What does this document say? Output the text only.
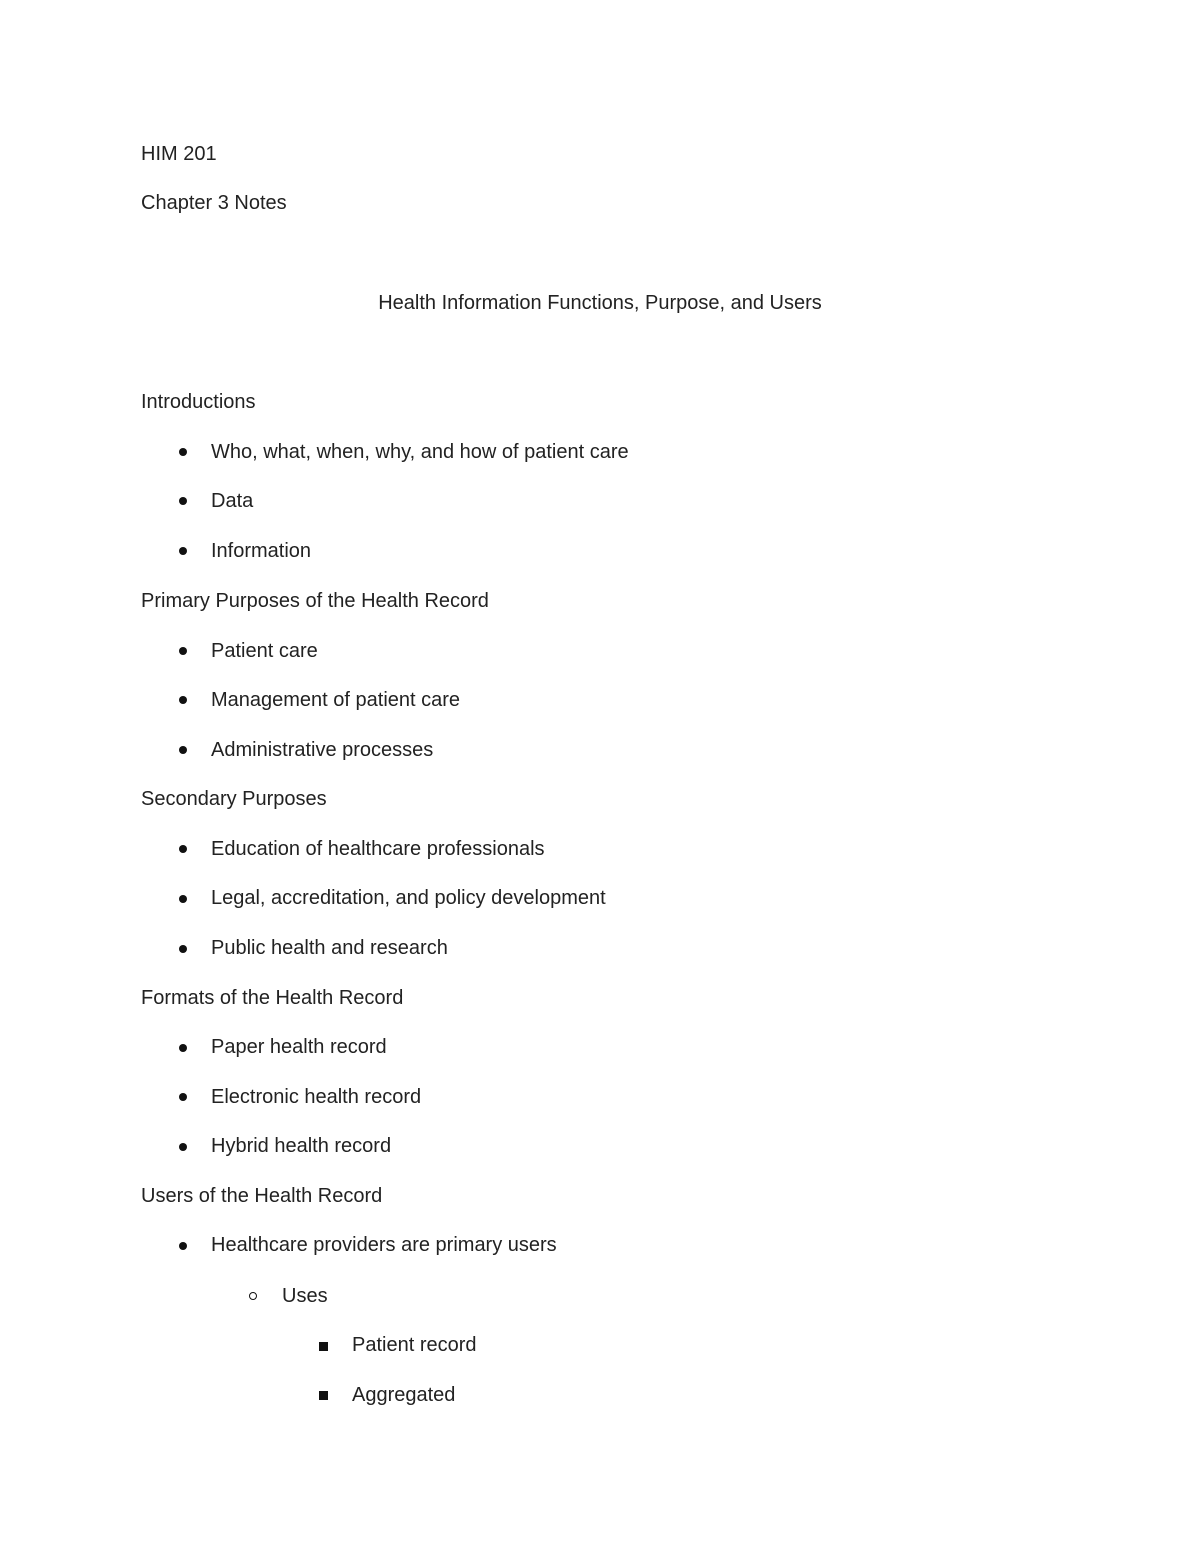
HIM 201
Chapter 3 Notes
Health Information Functions, Purpose, and Users
Introductions
Who, what, when, why, and how of patient care
Data
Information
Primary Purposes of the Health Record
Patient care
Management of patient care
Administrative processes
Secondary Purposes
Education of healthcare professionals
Legal, accreditation, and policy development
Public health and research
Formats of the Health Record
Paper health record
Electronic health record
Hybrid health record
Users of the Health Record
Healthcare providers are primary users
Uses
Patient record
Aggregated
